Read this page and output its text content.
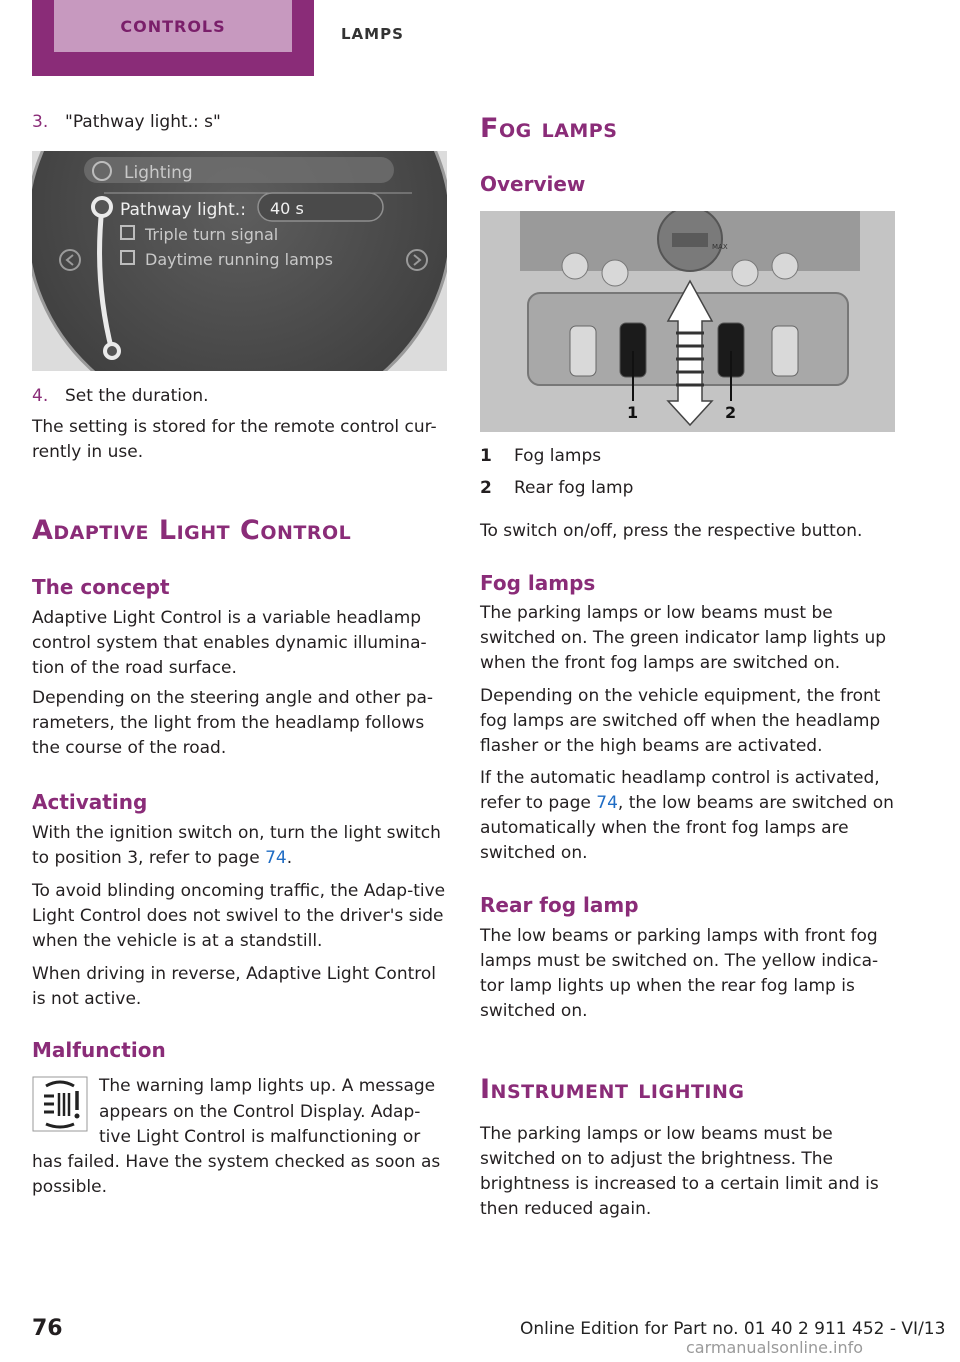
CONTROLS	LAMPS
3. "Pathway light.: s"
Lighting
Pathway light.: 40 s
Triple turn signal
Daytime running lamps
4. Set the duration.

The setting is stored for the remote control cur-rently in use.

Adaptive Light Control
The concept

Adaptive Light Control is a variable headlamp control system that enables dynamic illumina-tion of the road surface.

Depending on the steering angle and other pa-rameters, the light from the headlamp follows the course of the road.

Activating

With the ignition switch on, turn the light switch to position 3, refer to page 74.

To avoid blinding oncoming traffic, the Adap-tive Light Control does not swivel to the driver's side when the vehicle is at a standstill.

When driving in reverse, Adaptive Light Control is not active.

Malfunction

The warning lamp lights up. A message

appears on the Control Display. Adap-

tive Light Control is malfunctioning or

has failed. Have the system checked as soon as

possible.

Fog lamps
Overview
MAX
1	2
1	Fog lamps
2	Rear fog lamp

To switch on/off, press the respective button.

Fog lamps

The parking lamps or low beams must be switched on. The green indicator lamp lights up when the front fog lamps are switched on.

Depending on the vehicle equipment, the front fog lamps are switched off when the headlamp flasher or the high beams are activated.

If the automatic headlamp control is activated, refer to page 74, the low beams are switched on automatically when the front fog lamps are switched on.

Rear fog lamp

The low beams or parking lamps with front fog lamps must be switched on. The yellow indica-tor lamp lights up when the rear fog lamp is switched on.

Instrument lighting

The parking lamps or low beams must be switched on to adjust the brightness. The brightness is increased to a certain limit and is then reduced again.

76	Online Edition for Part no. 01 40 2 911 452 - VI/13
carmanualsonline.info
